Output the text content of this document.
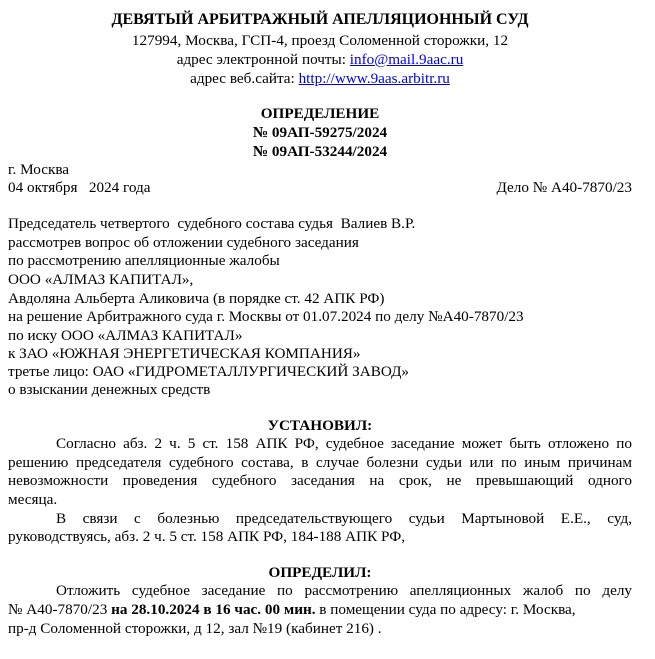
ДЕВЯТЫЙ АРБИТРАЖНЫЙ АПЕЛЛЯЦИОННЫЙ СУД
127994, Москва, ГСП-4, проезд Соломенной сторожки, 12
адрес электронной почты: info@mail.9aac.ru
адрес веб.сайта: http://www.9aas.arbitr.ru
ОПРЕДЕЛЕНИЕ
№ 09АП-59275/2024
№ 09АП-53244/2024
г. Москва
04 октября   2024 года	Дело № А40-7870/23
Председатель четвертого  судебного состава судья  Валиев В.Р.
рассмотрев вопрос об отложении судебного заседания
по рассмотрению апелляционные жалобы
ООО «АЛМАЗ КАПИТАЛ»,
Авдоляна Альберта Аликовича (в порядке ст. 42 АПК РФ)
на решение Арбитражного суда г. Москвы от 01.07.2024 по делу №А40-7870/23
по иску ООО «АЛМАЗ КАПИТАЛ»
к ЗАО «ЮЖНАЯ ЭНЕРГЕТИЧЕСКАЯ КОМПАНИЯ»
третье лицо: ОАО «ГИДРОМЕТАЛЛУРГИЧЕСКИЙ ЗАВОД»
о взыскании денежных средств
УСТАНОВИЛ:
Согласно абз. 2 ч. 5 ст. 158 АПК РФ, судебное заседание может быть отложено по
решению председателя судебного состава, в случае болезни судьи или по иным причинам
невозможности проведения судебного заседания на срок, не превышающий одного
месяца.
В связи с болезнью председательствующего судьи Мартыновой Е.Е., суд,
руководствуясь, абз. 2 ч. 5 ст. 158 АПК РФ, 184-188 АПК РФ,
ОПРЕДЕЛИЛ:
Отложить судебное заседание по рассмотрению апелляционных жалоб по делу
№ А40-7870/23 на 28.10.2024 в 16 час. 00 мин. в помещении суда по адресу: г. Москва,
пр-д Соломенной сторожки, д 12, зал №19 (кабинет 216) .
